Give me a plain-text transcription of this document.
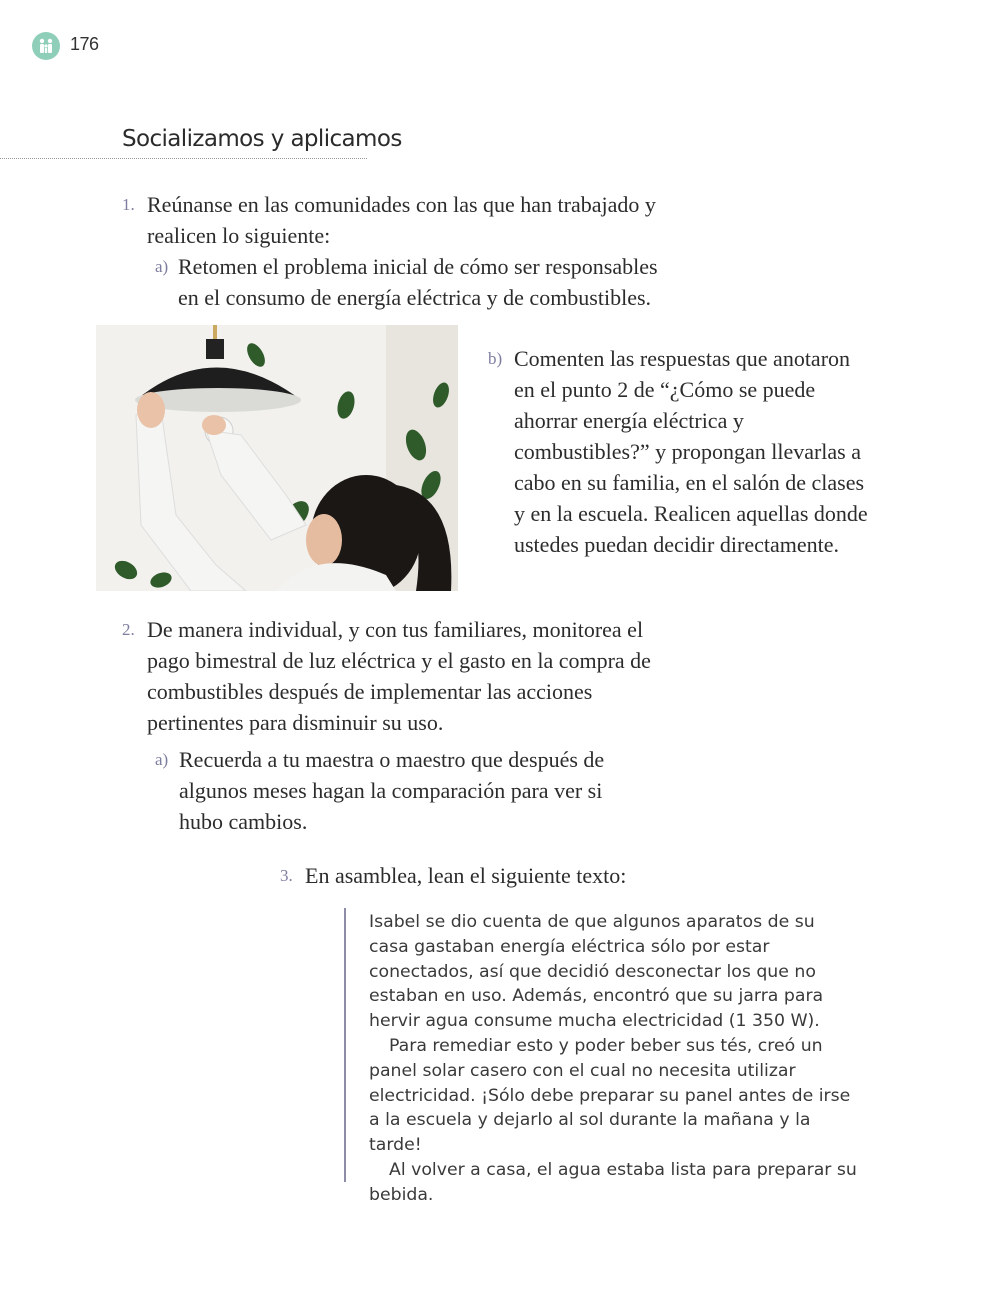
176
Socializamos y aplicamos
1. Reúnanse en las comunidades con las que han trabajado y realicen lo siguiente:
a) Retomen el problema inicial de cómo ser responsables en el consumo de energía eléctrica y de combustibles.
b) Comenten las respuestas que anotaron en el punto 2 de “¿Cómo se puede ahorrar energía eléctrica y combustibles?” y propongan llevarlas a cabo en su familia, en el salón de clases y en la escuela. Realicen aquellas donde ustedes puedan decidir directamente.
2. De manera individual, y con tus familiares, monitorea el pago bimestral de luz eléctrica y el gasto en la compra de combustibles después de implementar las acciones pertinentes para disminuir su uso.
a) Recuerda a tu maestra o maestro que después de algunos meses hagan la comparación para ver si hubo cambios.
3. En asamblea, lean el siguiente texto:

Isabel se dio cuenta de que algunos aparatos de su casa gastaban energía eléctrica sólo por estar conectados, así que decidió desconectar los que no estaban en uso. Además, encontró que su jarra para hervir agua consume mucha electricidad (1 350 W).

Para remediar esto y poder beber sus tés, creó un panel solar casero con el cual no necesita utilizar electricidad. ¡Sólo debe preparar su panel antes de irse a la escuela y dejarlo al sol durante la mañana y la tarde!

Al volver a casa, el agua estaba lista para preparar su bebida.
